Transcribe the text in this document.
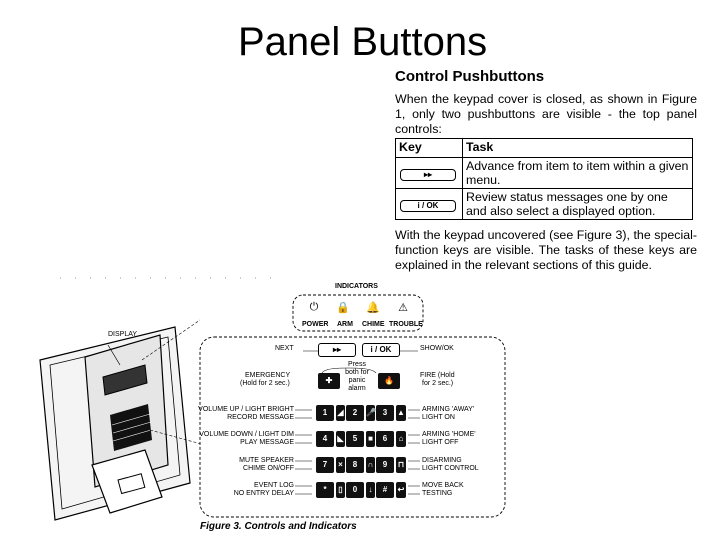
Panel Buttons
Control Pushbuttons
When the keypad cover is closed, as shown in Figure 1, only two pushbuttons are visible - the top panel controls:
Key	Task
▸▸	Advance from item to item within a given menu.
i / OK	Review status messages one by one and also select a displayed option.
With the keypad uncovered (see Figure 3), the special-function keys are visible. The tasks of these keys are explained in the relevant sections of this guide.
INDICATORS
DISPLAY
⏻	🔒	🔔	⚠
POWER ARM CHIME TROUBLE
NEXT	▸▸	i / OK	SHOW/OK
EMERGENCY
(Hold for 2 sec.)
Press both for panic alarm
✚	🔥
FIRE (Hold
for 2 sec.)
VOLUME UP / LIGHT BRIGHT
RECORD MESSAGE
VOLUME DOWN / LIGHT DIM
PLAY MESSAGE
MUTE SPEAKER
CHIME ON/OFF
EVENT LOG
NO ENTRY DELAY
1	2	3
4	5	6
7	8	9
*	0	#
◢	🎤
◣	■
×	∩
▯	↓
▲
⌂
⊓
↩
ARMING 'AWAY'
LIGHT ON
ARMING 'HOME'
LIGHT OFF
DISARMING
LIGHT CONTROL
MOVE BACK
TESTING
Figure 3. Controls and Indicators
